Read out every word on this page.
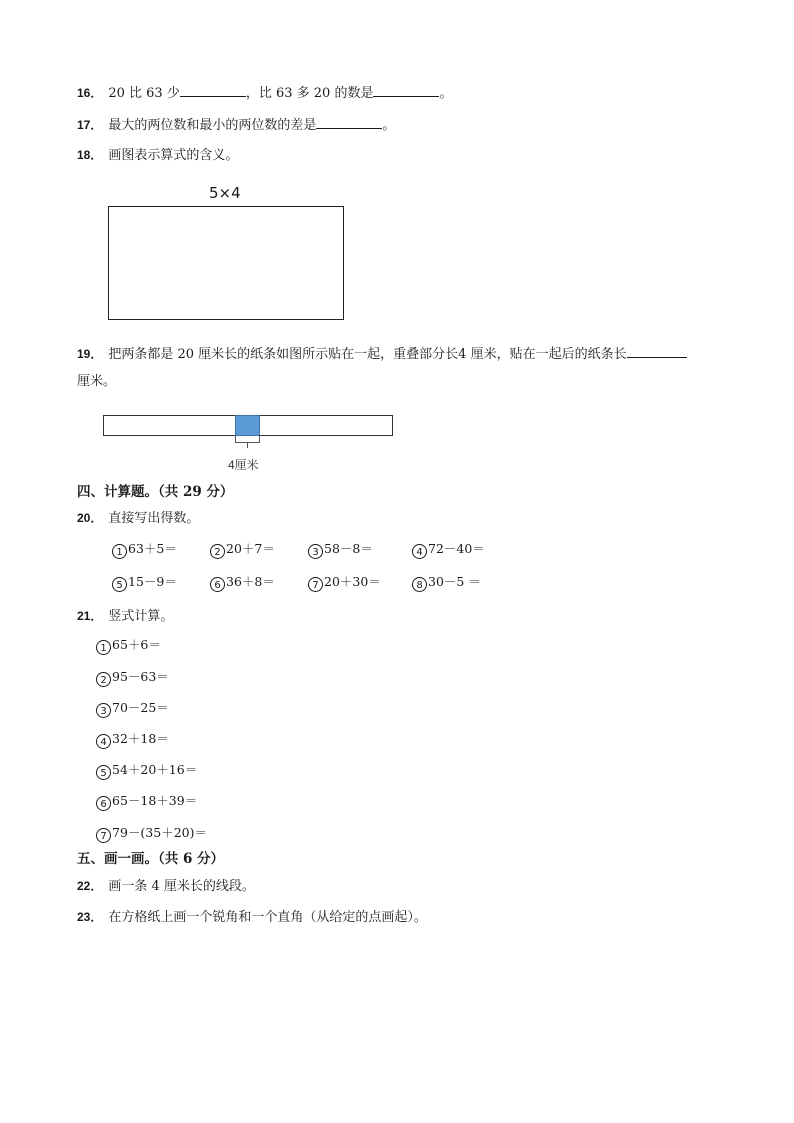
16． 20 比 63 少	，比 63 多 20 的数是	。
17． 最大的两位数和最小的两位数的差是	。
18． 画图表示算式的含义。
5×4
19． 把两条都是 20 厘米长的纸条如图所示贴在一起，重叠部分长4 厘米，贴在一起后的纸条长
厘米。
4厘米
四、计算题。（共 29 分）
20． 直接写出得数。
1 63＋5＝	2 20＋7＝	3 58－8＝	4 72－40＝
5 15－9＝	6 36＋8＝	7 20＋30＝	8 30－5 ＝
21． 竖式计算。
1 65＋6＝
2 95－63＝
3 70－25＝
4 32＋18＝
5 54＋20＋16＝
6 65－18＋39＝
7 79－(35＋20)＝
五、画一画。（共 6 分）
22． 画一条 4 厘米长的线段。
23． 在方格纸上画一个锐角和一个直角（从给定的点画起）。
